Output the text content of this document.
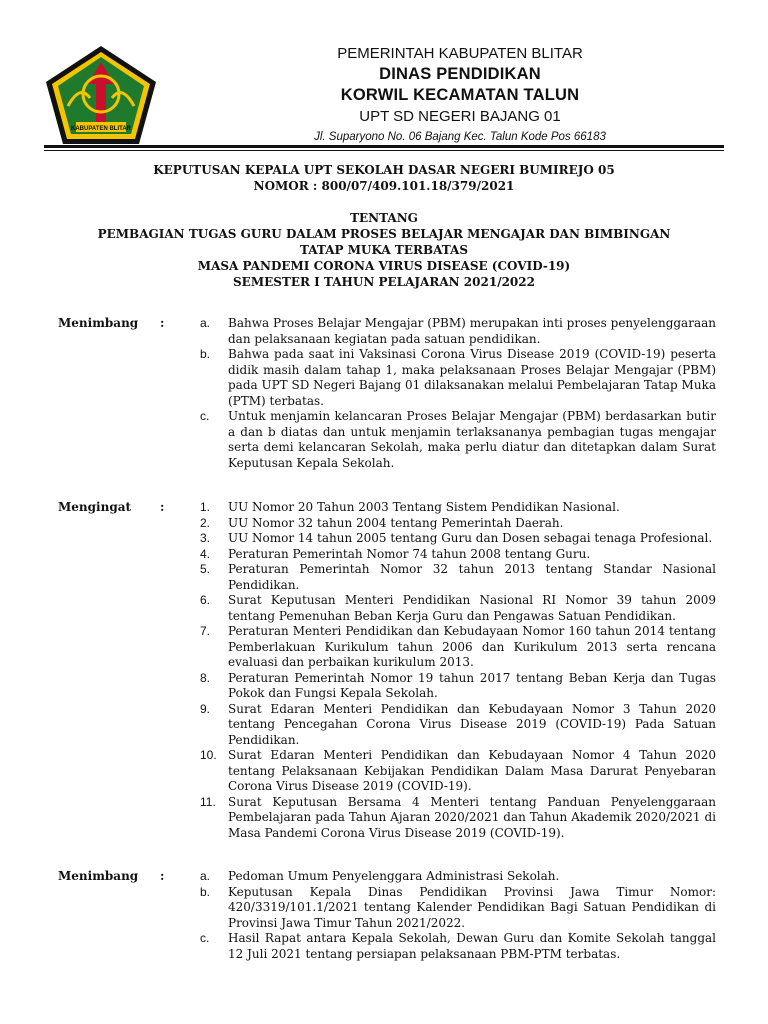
KABUPATEN BLITAR
PEMERINTAH KABUPATEN BLITAR
DINAS PENDIDIKAN
KORWIL KECAMATAN TALUN
UPT SD NEGERI BAJANG 01
Jl. Suparyono No. 06 Bajang Kec. Talun Kode Pos 66183
KEPUTUSAN KEPALA UPT SEKOLAH DASAR NEGERI BUMIREJO 05
NOMOR : 800/07/409.101.18/379/2021
TENTANG
PEMBAGIAN TUGAS GURU DALAM PROSES BELAJAR MENGAJAR DAN BIMBINGAN
TATAP MUKA TERBATAS
MASA PANDEMI CORONA VIRUS DISEASE (COVID-19)
SEMESTER I TAHUN PELAJARAN 2021/2022
Menimbang :	a. Bahwa Proses Belajar Mengajar (PBM) merupakan inti proses penyelenggaraan dan pelaksanaan kegiatan pada satuan pendidikan.
b. Bahwa pada saat ini Vaksinasi Corona Virus Disease 2019 (COVID-19) peserta didik masih dalam tahap 1, maka pelaksanaan Proses Belajar Mengajar (PBM) pada UPT SD Negeri Bajang 01 dilaksanakan melalui Pembelajaran Tatap Muka (PTM) terbatas.
c. Untuk menjamin kelancaran Proses Belajar Mengajar (PBM) berdasarkan butir a dan b diatas dan untuk menjamin terlaksananya pembagian tugas mengajar serta demi kelancaran Sekolah, maka perlu diatur dan ditetapkan dalam Surat Keputusan Kepala Sekolah.
Mengingat :	1. UU Nomor 20 Tahun 2003 Tentang Sistem Pendidikan Nasional.
2. UU Nomor 32 tahun 2004 tentang Pemerintah Daerah.
3. UU Nomor 14 tahun 2005 tentang Guru dan Dosen sebagai tenaga Profesional.
4. Peraturan Pemerintah Nomor 74 tahun 2008 tentang Guru.
5. Peraturan Pemerintah Nomor 32 tahun 2013 tentang Standar Nasional Pendidikan.
6. Surat Keputusan Menteri Pendidikan Nasional RI Nomor 39 tahun 2009 tentang Pemenuhan Beban Kerja Guru dan Pengawas Satuan Pendidikan.
7. Peraturan Menteri Pendidikan dan Kebudayaan Nomor 160 tahun 2014 tentang Pemberlakuan Kurikulum tahun 2006 dan Kurikulum 2013 serta rencana evaluasi dan perbaikan kurikulum 2013.
8. Peraturan Pemerintah Nomor 19 tahun 2017 tentang Beban Kerja dan Tugas Pokok dan Fungsi Kepala Sekolah.
9. Surat Edaran Menteri Pendidikan dan Kebudayaan Nomor 3 Tahun 2020 tentang Pencegahan Corona Virus Disease 2019 (COVID-19) Pada Satuan Pendidikan.
10. Surat Edaran Menteri Pendidikan dan Kebudayaan Nomor 4 Tahun 2020 tentang Pelaksanaan Kebijakan Pendidikan Dalam Masa Darurat Penyebaran Corona Virus Disease 2019 (COVID-19).
11. Surat Keputusan Bersama 4 Menteri tentang Panduan Penyelenggaraan Pembelajaran pada Tahun Ajaran 2020/2021 dan Tahun Akademik 2020/2021 di Masa Pandemi Corona Virus Disease 2019 (COVID-19).
Menimbang :	a. Pedoman Umum Penyelenggara Administrasi Sekolah.
b. Keputusan Kepala Dinas Pendidikan Provinsi Jawa Timur Nomor: 420/3319/101.1/2021 tentang Kalender Pendidikan Bagi Satuan Pendidikan di Provinsi Jawa Timur Tahun 2021/2022.
c. Hasil Rapat antara Kepala Sekolah, Dewan Guru dan Komite Sekolah tanggal 12 Juli 2021 tentang persiapan pelaksanaan PBM-PTM terbatas.
